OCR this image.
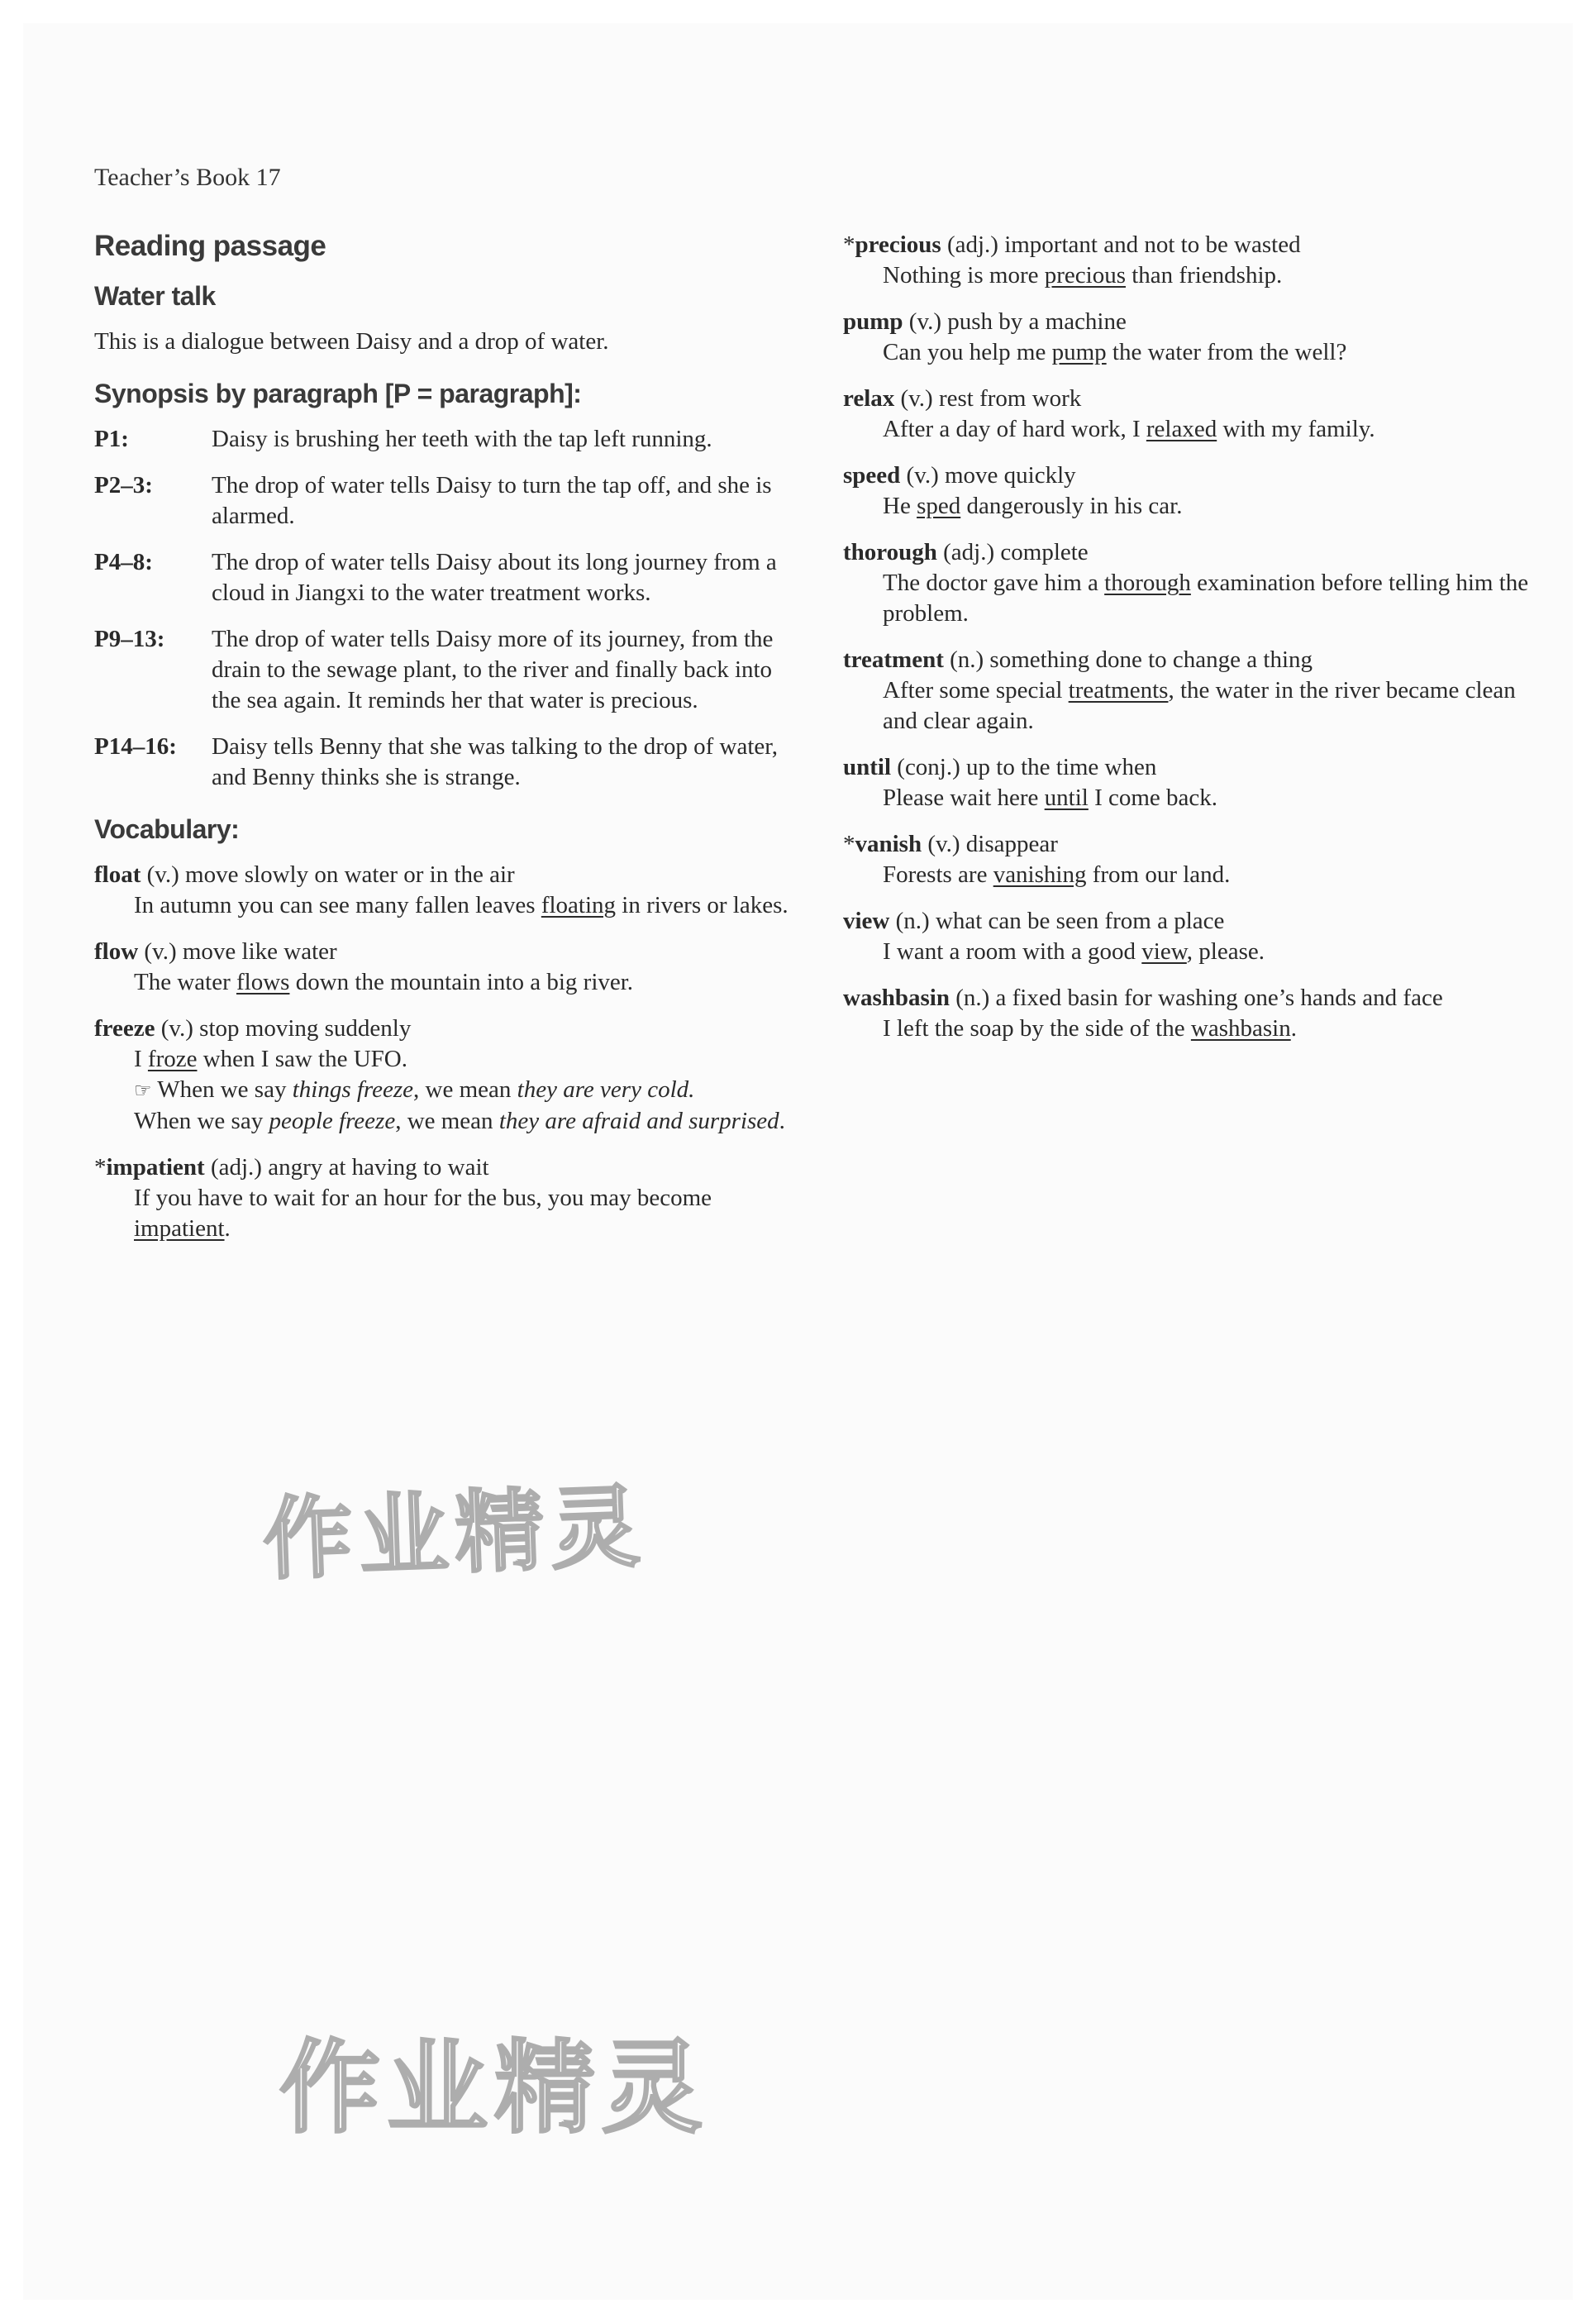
Teacher’s Book 17
Reading passage
Water talk
This is a dialogue between Daisy and a drop of water.
Synopsis by paragraph [P = paragraph]:
P1:	Daisy is brushing her teeth with the tap left running.
P2–3:	The drop of water tells Daisy to turn the tap off, and she is alarmed.
P4–8:	The drop of water tells Daisy about its long journey from a cloud in Jiangxi to the water treatment works.
P9–13:	The drop of water tells Daisy more of its journey, from the drain to the sewage plant, to the river and finally back into the sea again. It reminds her that water is precious.
P14–16:	Daisy tells Benny that she was talking to the drop of water, and Benny thinks she is strange.
Vocabulary:
float (v.) move slowly on water or in the air
In autumn you can see many fallen leaves floating in rivers or lakes.
flow (v.) move like water
The water flows down the mountain into a big river.
freeze (v.) stop moving suddenly
I froze when I saw the UFO.
☞ When we say things freeze, we mean they are very cold.
When we say people freeze, we mean they are afraid and surprised.
*impatient (adj.) angry at having to wait
If you have to wait for an hour for the bus, you may become impatient.
*precious (adj.) important and not to be wasted
Nothing is more precious than friendship.
pump (v.) push by a machine
Can you help me pump the water from the well?
relax (v.) rest from work
After a day of hard work, I relaxed with my family.
speed (v.) move quickly
He sped dangerously in his car.
thorough (adj.) complete
The doctor gave him a thorough examination before telling him the problem.
treatment (n.) something done to change a thing
After some special treatments, the water in the river became clean and clear again.
until (conj.) up to the time when
Please wait here until I come back.
*vanish (v.) disappear
Forests are vanishing from our land.
view (n.) what can be seen from a place
I want a room with a good view, please.
washbasin (n.) a fixed basin for washing one’s hands and face
I left the soap by the side of the washbasin.
作业精灵
作业精灵
